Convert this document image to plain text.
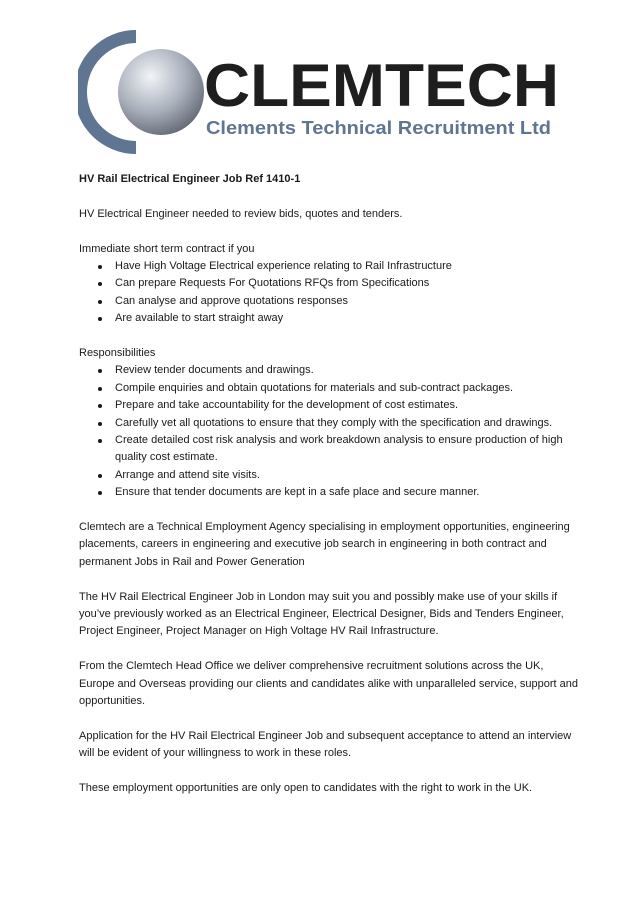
CLEMTECH
Clements Technical Recruitment Ltd

HV Rail Electrical Engineer Job Ref 1410-1

HV Electrical Engineer needed to review bids, quotes and tenders.

Immediate short term contract if you

Have High Voltage Electrical experience relating to Rail Infrastructure
Can prepare Requests For Quotations RFQs from Specifications
Can analyse and approve quotations responses
Are available to start straight away

Responsibilities

Review tender documents and drawings.
Compile enquiries and obtain quotations for materials and sub-contract packages.
Prepare and take accountability for the development of cost estimates.
Carefully vet all quotations to ensure that they comply with the specification and drawings.
Create detailed cost risk analysis and work breakdown analysis to ensure production of high quality cost estimate.
Arrange and attend site visits.
Ensure that tender documents are kept in a safe place and secure manner.

Clemtech are a Technical Employment Agency specialising in employment opportunities, engineering placements, careers in engineering and executive job search in engineering in both contract and permanent Jobs in Rail and Power Generation

The HV Rail Electrical Engineer Job in London may suit you and possibly make use of your skills if you’ve previously worked as an Electrical Engineer, Electrical Designer, Bids and Tenders Engineer, Project Engineer, Project Manager on High Voltage HV Rail Infrastructure.

From the Clemtech Head Office we deliver comprehensive recruitment solutions across the UK, Europe and Overseas providing our clients and candidates alike with unparalleled service, support and opportunities.

Application for the HV Rail Electrical Engineer Job and subsequent acceptance to attend an interview will be evident of your willingness to work in these roles.

These employment opportunities are only open to candidates with the right to work in the UK.
